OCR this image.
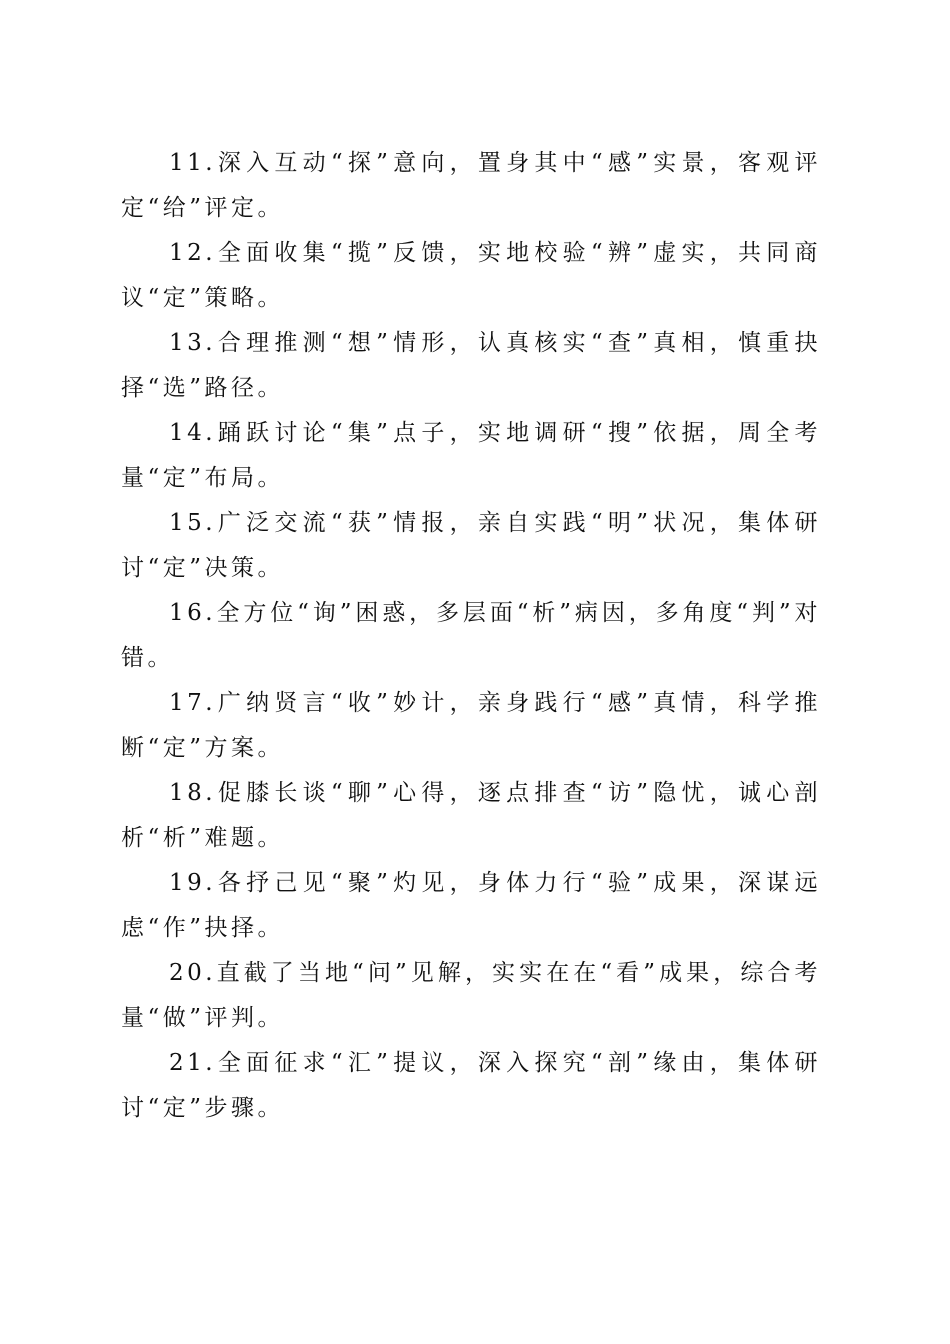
11.深入互动“探”意向，置身其中“感”实景，客观评定“给”评定。

12.全面收集“揽”反馈，实地校验“辨”虚实，共同商议“定”策略。

13.合理推测“想”情形，认真核实“查”真相，慎重抉择“选”路径。

14.踊跃讨论“集”点子，实地调研“搜”依据，周全考量“定”布局。

15.广泛交流“获”情报，亲自实践“明”状况，集体研讨“定”决策。

16.全方位“询”困惑，多层面“析”病因，多角度“判”对错。

17.广纳贤言“收”妙计，亲身践行“感”真情，科学推断“定”方案。

18.促膝长谈“聊”心得，逐点排查“访”隐忧，诚心剖析“析”难题。

19.各抒己见“聚”灼见，身体力行“验”成果，深谋远虑“作”抉择。

20.直截了当地“问”见解，实实在在“看”成果，综合考量“做”评判。

21.全面征求“汇”提议，深入探究“剖”缘由，集体研讨“定”步骤。
